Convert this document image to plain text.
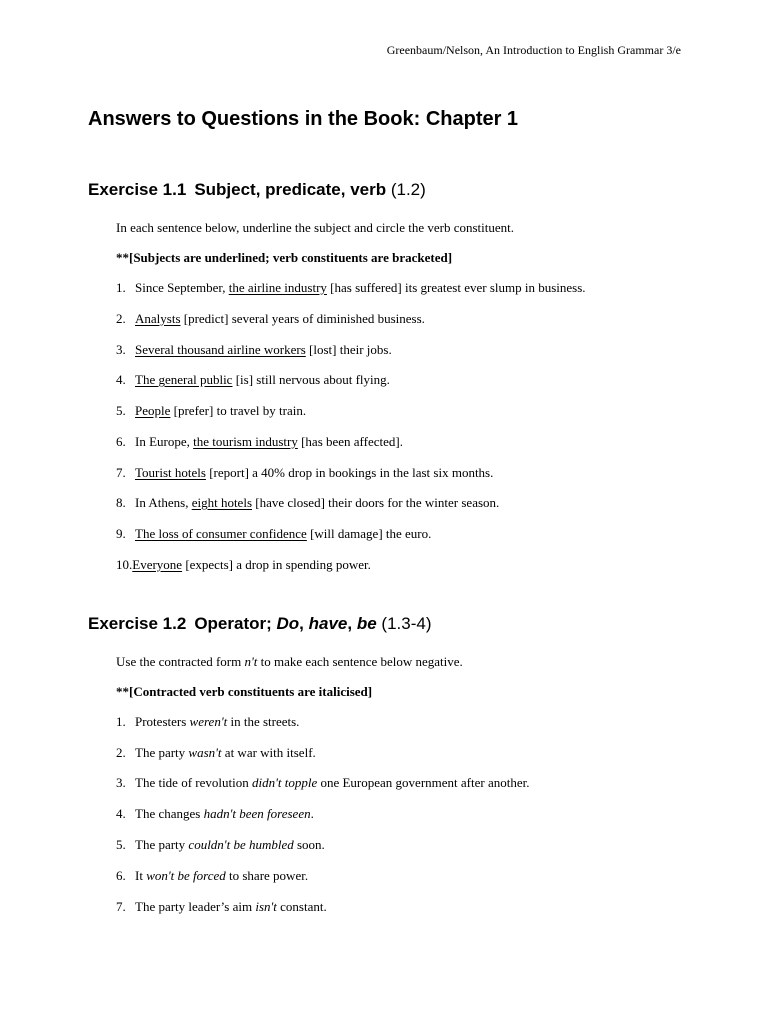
Greenbaum/Nelson, An Introduction to English Grammar 3/e
Answers to Questions in the Book: Chapter 1
Exercise 1.1 Subject, predicate, verb (1.2)
In each sentence below, underline the subject and circle the verb constituent.
**[Subjects are underlined; verb constituents are bracketed]
1. Since September, the airline industry [has suffered] its greatest ever slump in business.
2. Analysts [predict] several years of diminished business.
3. Several thousand airline workers [lost] their jobs.
4. The general public [is] still nervous about flying.
5. People [prefer] to travel by train.
6. In Europe, the tourism industry [has been affected].
7. Tourist hotels [report] a 40% drop in bookings in the last six months.
8. In Athens, eight hotels [have closed] their doors for the winter season.
9. The loss of consumer confidence [will damage] the euro.
10.Everyone [expects] a drop in spending power.
Exercise 1.2 Operator; Do, have, be (1.3-4)
Use the contracted form n't to make each sentence below negative.
**[Contracted verb constituents are italicised]
1. Protesters weren't in the streets.
2. The party wasn't at war with itself.
3. The tide of revolution didn't topple one European government after another.
4. The changes hadn't been foreseen.
5. The party couldn't be humbled soon.
6. It won't be forced to share power.
7. The party leader’s aim isn't constant.
